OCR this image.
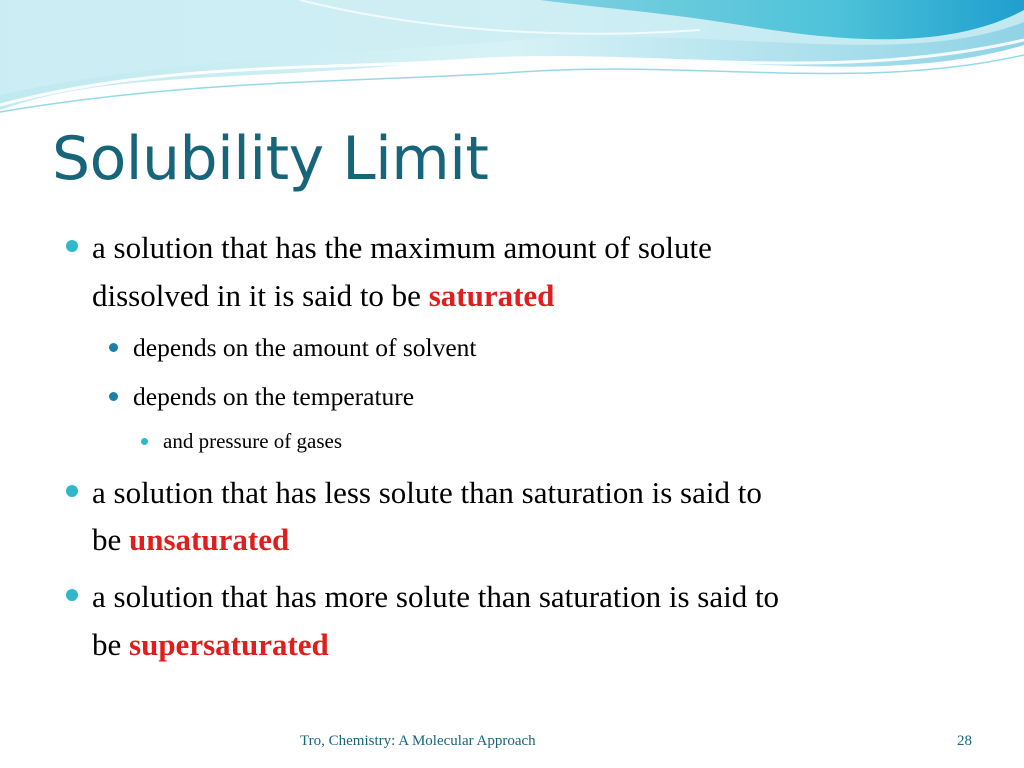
Solubility Limit
a solution that has the maximum amount of solute
dissolved in it is said to be saturated
depends on the amount of solvent
depends on the temperature
and pressure of gases
a solution that has less solute than saturation is said to
be unsaturated
a solution that has more solute than saturation is said to
be supersaturated
Tro, Chemistry: A Molecular Approach	28
